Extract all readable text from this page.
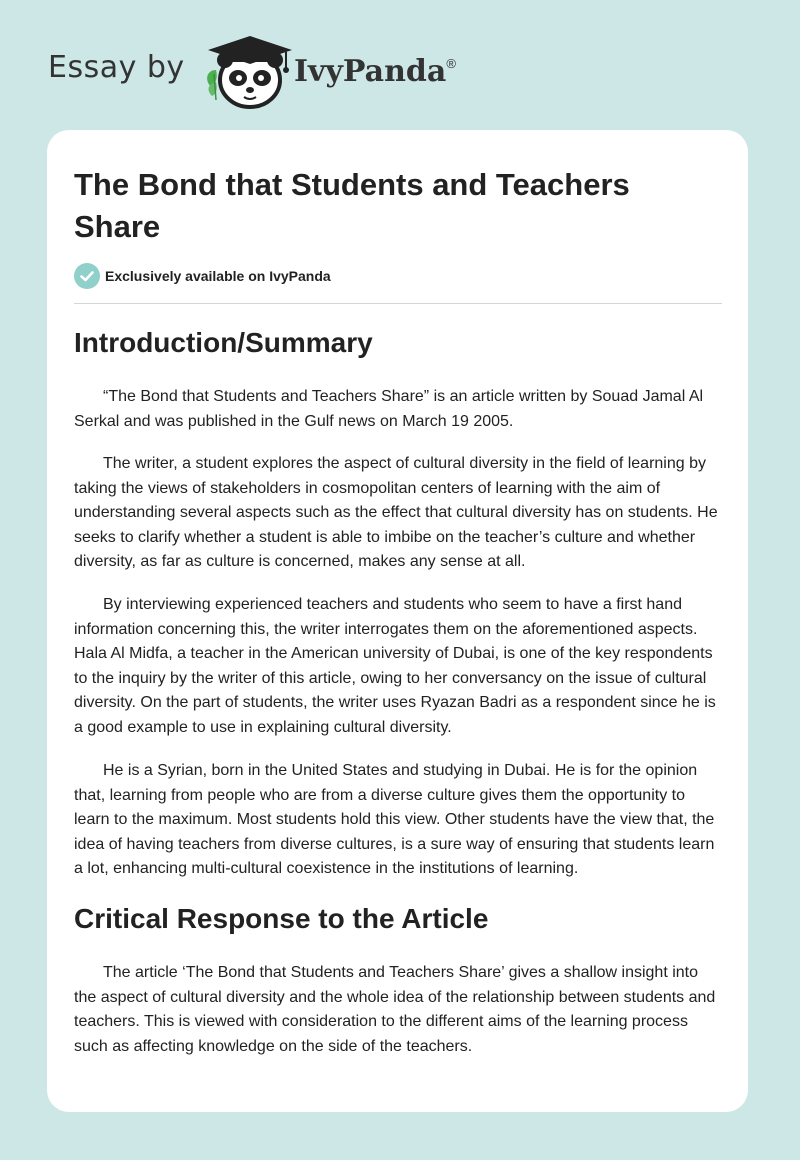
Essay by	IvyPanda®
The Bond that Students and Teachers Share
Exclusively available on IvyPanda
Introduction/Summary

“The Bond that Students and Teachers Share” is an article written by Souad Jamal Al Serkal and was published in the Gulf news on March 19 2005.

The writer, a student explores the aspect of cultural diversity in the field of learning by taking the views of stakeholders in cosmopolitan centers of learning with the aim of understanding several aspects such as the effect that cultural diversity has on students. He seeks to clarify whether a student is able to imbibe on the teacher’s culture and whether diversity, as far as culture is concerned, makes any sense at all.

By interviewing experienced teachers and students who seem to have a first hand information concerning this, the writer interrogates them on the aforementioned aspects. Hala Al Midfa, a teacher in the American university of Dubai, is one of the key respondents to the inquiry by the writer of this article, owing to her conversancy on the issue of cultural diversity. On the part of students, the writer uses Ryazan Badri as a respondent since he is a good example to use in explaining cultural diversity.

He is a Syrian, born in the United States and studying in Dubai. He is for the opinion that, learning from people who are from a diverse culture gives them the opportunity to learn to the maximum. Most students hold this view. Other students have the view that, the idea of having teachers from diverse cultures, is a sure way of ensuring that students learn a lot, enhancing multi-cultural coexistence in the institutions of learning.

Critical Response to the Article

The article ‘The Bond that Students and Teachers Share’ gives a shallow insight into the aspect of cultural diversity and the whole idea of the relationship between students and teachers. This is viewed with consideration to the different aims of the learning process such as affecting knowledge on the side of the teachers.
